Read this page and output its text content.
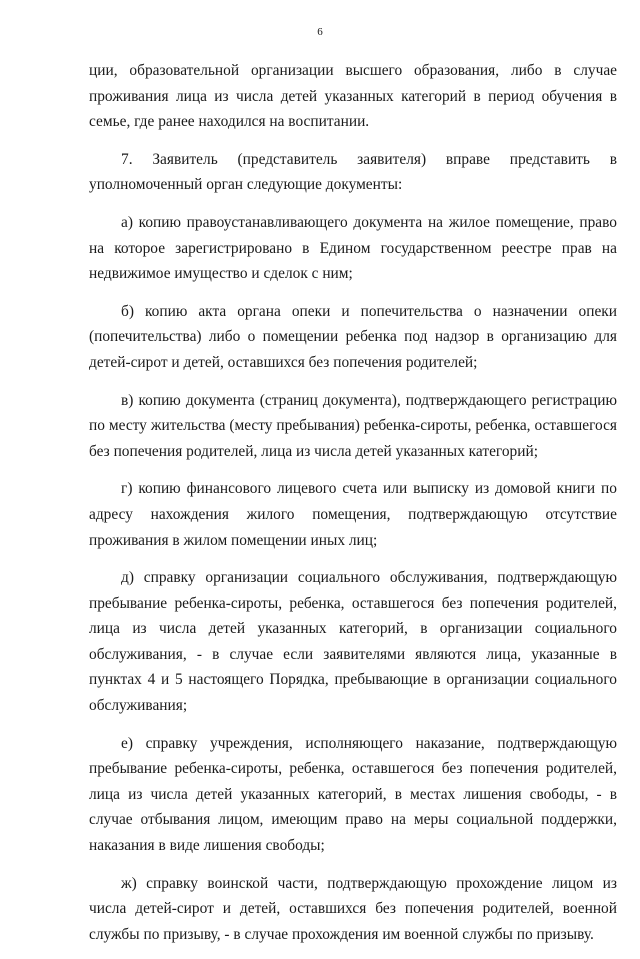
6

ции, образовательной организации высшего образования, либо в случае проживания лица из числа детей указанных категорий в период обучения в семье, где ранее находился на воспитании.

7. Заявитель (представитель заявителя) вправе представить в уполномоченный орган следующие документы:

а) копию правоустанавливающего документа на жилое помещение, право на которое зарегистрировано в Едином государственном реестре прав на недвижимое имущество и сделок с ним;

б) копию акта органа опеки и попечительства о назначении опеки (попечительства) либо о помещении ребенка под надзор в организацию для детей-сирот и детей, оставшихся без попечения родителей;

в) копию документа (страниц документа), подтверждающего регистрацию по месту жительства (месту пребывания) ребенка-сироты, ребенка, оставшегося без попечения родителей, лица из числа детей указанных категорий;

г) копию финансового лицевого счета или выписку из домовой книги по адресу нахождения жилого помещения, подтверждающую отсутствие проживания в жилом помещении иных лиц;

д) справку организации социального обслуживания, подтверждающую пребывание ребенка-сироты, ребенка, оставшегося без попечения родителей, лица из числа детей указанных категорий, в организации социального обслуживания, - в случае если заявителями являются лица, указанные в пунктах 4 и 5 настоящего Порядка, пребывающие в организации социального обслуживания;

е) справку учреждения, исполняющего наказание, подтверждающую пребывание ребенка-сироты, ребенка, оставшегося без попечения родителей, лица из числа детей указанных категорий, в местах лишения свободы, - в случае отбывания лицом, имеющим право на меры социальной поддержки, наказания в виде лишения свободы;

ж) справку воинской части, подтверждающую прохождение лицом из числа детей-сирот и детей, оставшихся без попечения родителей, военной службы по призыву, - в случае прохождения им военной службы по призыву.
